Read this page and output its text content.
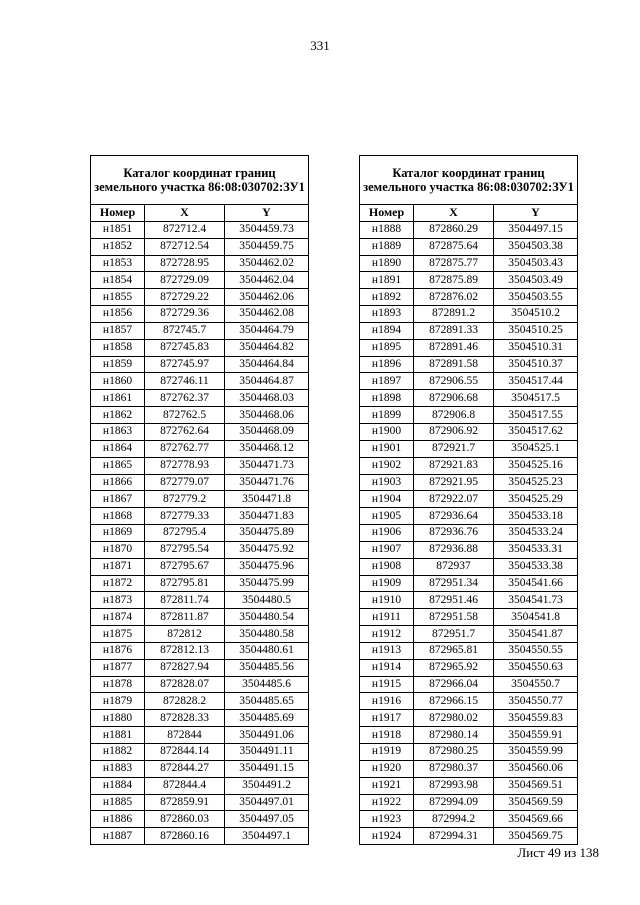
331
Каталог координат границ земельного участка 86:08:030702:ЗУ1		
Номер	X	Y
н1851	872712.4	3504459.73
н1852	872712.54	3504459.75
н1853	872728.95	3504462.02
н1854	872729.09	3504462.04
н1855	872729.22	3504462.06
н1856	872729.36	3504462.08
н1857	872745.7	3504464.79
н1858	872745.83	3504464.82
н1859	872745.97	3504464.84
н1860	872746.11	3504464.87
н1861	872762.37	3504468.03
н1862	872762.5	3504468.06
н1863	872762.64	3504468.09
н1864	872762.77	3504468.12
н1865	872778.93	3504471.73
н1866	872779.07	3504471.76
н1867	872779.2	3504471.8
н1868	872779.33	3504471.83
н1869	872795.4	3504475.89
н1870	872795.54	3504475.92
н1871	872795.67	3504475.96
н1872	872795.81	3504475.99
н1873	872811.74	3504480.5
н1874	872811.87	3504480.54
н1875	872812	3504480.58
н1876	872812.13	3504480.61
н1877	872827.94	3504485.56
н1878	872828.07	3504485.6
н1879	872828.2	3504485.65
н1880	872828.33	3504485.69
н1881	872844	3504491.06
н1882	872844.14	3504491.11
н1883	872844.27	3504491.15
н1884	872844.4	3504491.2
н1885	872859.91	3504497.01
н1886	872860.03	3504497.05
н1887	872860.16	3504497.1
Каталог координат границ земельного участка 86:08:030702:ЗУ1		
Номер	X	Y
н1888	872860.29	3504497.15
н1889	872875.64	3504503.38
н1890	872875.77	3504503.43
н1891	872875.89	3504503.49
н1892	872876.02	3504503.55
н1893	872891.2	3504510.2
н1894	872891.33	3504510.25
н1895	872891.46	3504510.31
н1896	872891.58	3504510.37
н1897	872906.55	3504517.44
н1898	872906.68	3504517.5
н1899	872906.8	3504517.55
н1900	872906.92	3504517.62
н1901	872921.7	3504525.1
н1902	872921.83	3504525.16
н1903	872921.95	3504525.23
н1904	872922.07	3504525.29
н1905	872936.64	3504533.18
н1906	872936.76	3504533.24
н1907	872936.88	3504533.31
н1908	872937	3504533.38
н1909	872951.34	3504541.66
н1910	872951.46	3504541.73
н1911	872951.58	3504541.8
н1912	872951.7	3504541.87
н1913	872965.81	3504550.55
н1914	872965.92	3504550.63
н1915	872966.04	3504550.7
н1916	872966.15	3504550.77
н1917	872980.02	3504559.83
н1918	872980.14	3504559.91
н1919	872980.25	3504559.99
н1920	872980.37	3504560.06
н1921	872993.98	3504569.51
н1922	872994.09	3504569.59
н1923	872994.2	3504569.66
н1924	872994.31	3504569.75
Лист 49 из 138
